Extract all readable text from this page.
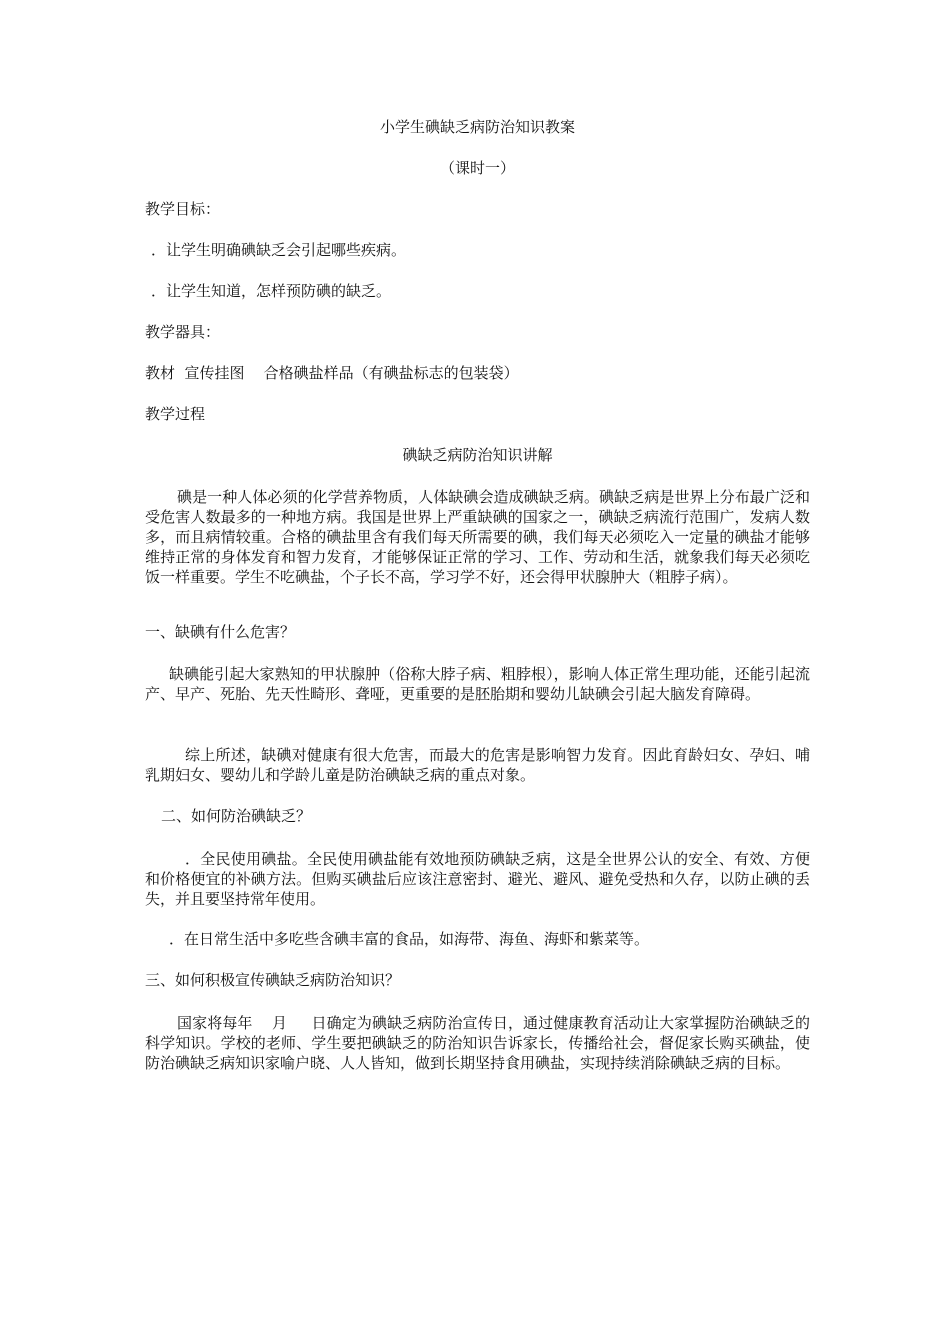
小学生碘缺乏病防治知识教案
（课时一）
教学目标：
．让学生明确碘缺乏会引起哪些疾病。
．让学生知道，怎样预防碘的缺乏。
教学器具：
教材  宣传挂图    合格碘盐样品（有碘盐标志的包装袋）
教学过程
碘缺乏病防治知识讲解
碘是一种人体必须的化学营养物质，人体缺碘会造成碘缺乏病。碘缺乏病是世界上分布最广泛和受危害人数最多的一种地方病。我国是世界上严重缺碘的国家之一，碘缺乏病流行范围广，发病人数多，而且病情较重。合格的碘盐里含有我们每天所需要的碘，我们每天必须吃入一定量的碘盐才能够维持正常的身体发育和智力发育，才能够保证正常的学习、工作、劳动和生活，就象我们每天必须吃饭一样重要。学生不吃碘盐，个子长不高，学习学不好，还会得甲状腺肿大（粗脖子病）。
一、缺碘有什么危害？
缺碘能引起大家熟知的甲状腺肿（俗称大脖子病、粗脖根），影响人体正常生理功能，还能引起流产、早产、死胎、先天性畸形、聋哑，更重要的是胚胎期和婴幼儿缺碘会引起大脑发育障碍。
综上所述，缺碘对健康有很大危害，而最大的危害是影响智力发育。因此育龄妇女、孕妇、哺乳期妇女、婴幼儿和学龄儿童是防治碘缺乏病的重点对象。
二、如何防治碘缺乏？
．全民使用碘盐。全民使用碘盐能有效地预防碘缺乏病，这是全世界公认的安全、有效、方便和价格便宜的补碘方法。但购买碘盐后应该注意密封、避光、避风、避免受热和久存，以防止碘的丢失，并且要坚持常年使用。
．在日常生活中多吃些含碘丰富的食品，如海带、海鱼、海虾和紫菜等。
三、如何积极宣传碘缺乏病防治知识？
国家将每年    月     日确定为碘缺乏病防治宣传日，通过健康教育活动让大家掌握防治碘缺乏的科学知识。学校的老师、学生要把碘缺乏的防治知识告诉家长，传播给社会，督促家长购买碘盐，使防治碘缺乏病知识家喻户晓、人人皆知，做到长期坚持食用碘盐，实现持续消除碘缺乏病的目标。
